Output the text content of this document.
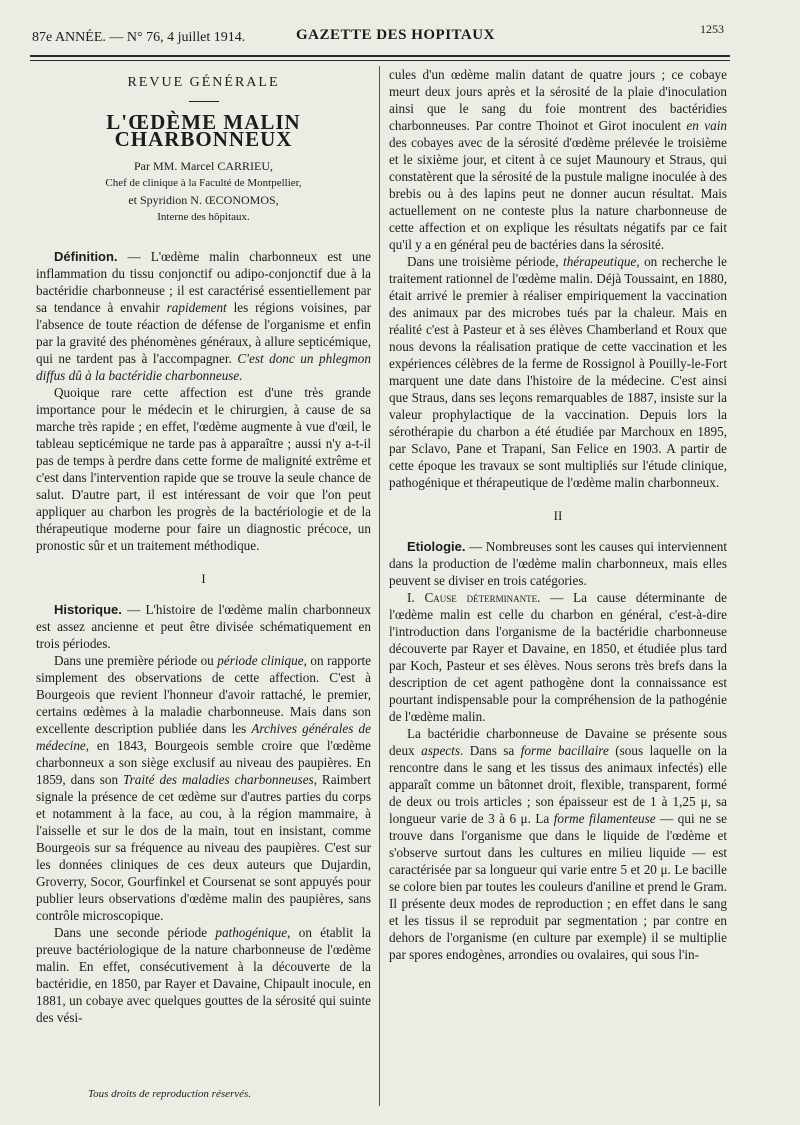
87e ANNÉE. — N° 76, 4 juillet 1914.	GAZETTE DES HOPITAUX	1253
REVUE GÉNÉRALE
L'ŒDÈME MALIN CHARBONNEUX
Par MM. Marcel CARRIEU,
Chef de clinique à la Faculté de Montpellier,
et Spyridion N. ŒCONOMOS,
Interne des hôpitaux.

Définition. — L'œdème malin charbonneux est une inflammation du tissu conjonctif ou adipo-conjonctif due à la bactéridie charbonneuse ; il est caractérisé essentiellement par sa tendance à envahir rapidement les régions voisines, par l'absence de toute réaction de défense de l'organisme et enfin par la gravité des phénomènes généraux, à allure septicémique, qui ne tardent pas à l'accompagner. C'est donc un phlegmon diffus dû à la bactéridie charbonneuse.

Quoique rare cette affection est d'une très grande importance pour le médecin et le chirurgien, à cause de sa marche très rapide ; en effet, l'œdème augmente à vue d'œil, le tableau septicémique ne tarde pas à apparaître ; aussi n'y a-t-il pas de temps à perdre dans cette forme de malignité extrême et c'est dans l'intervention rapide que se trouve la seule chance de salut. D'autre part, il est intéressant de voir que l'on peut appliquer au charbon les progrès de la bactériologie et de la thérapeutique moderne pour faire un diagnostic précoce, un pronostic sûr et un traitement méthodique.

I

Historique. — L'histoire de l'œdème malin charbonneux est assez ancienne et peut être divisée schématiquement en trois périodes.

Dans une première période ou période clinique, on rapporte simplement des observations de cette affection. C'est à Bourgeois que revient l'honneur d'avoir rattaché, le premier, certains œdèmes à la maladie charbonneuse. Mais dans son excellente description publiée dans les Archives générales de médecine, en 1843, Bourgeois semble croire que l'œdème charbonneux a son siège exclusif au niveau des paupières. En 1859, dans son Traité des maladies charbonneuses, Raimbert signale la présence de cet œdème sur d'autres parties du corps et notamment à la face, au cou, à la région mammaire, à l'aisselle et sur le dos de la main, tout en insistant, comme Bourgeois sur sa fréquence au niveau des paupières. C'est sur les données cliniques de ces deux auteurs que Dujardin, Groverry, Socor, Gourfinkel et Coursenat se sont appuyés pour publier leurs observations d'œdème malin des paupières, sans contrôle microscopique.

Dans une seconde période pathogénique, on établit la preuve bactériologique de la nature charbonneuse de l'œdème malin. En effet, consécutivement à la découverte de la bactéridie, en 1850, par Rayer et Davaine, Chipault inocule, en 1881, un cobaye avec quelques gouttes de la sérosité qui suinte des vési-

cules d'un œdème malin datant de quatre jours ; ce cobaye meurt deux jours après et la sérosité de la plaie d'inoculation ainsi que le sang du foie montrent des bactéridies charbonneuses. Par contre Thoinot et Girot inoculent en vain des cobayes avec de la sérosité d'œdème prélevée le troisième et le sixième jour, et citent à ce sujet Maunoury et Straus, qui constatèrent que la sérosité de la pustule maligne inoculée à des brebis ou à des lapins peut ne donner aucun résultat. Mais actuellement on ne conteste plus la nature charbonneuse de cette affection et on explique les résultats négatifs par ce fait qu'il y a en général peu de bactéries dans la sérosité.

Dans une troisième période, thérapeutique, on recherche le traitement rationnel de l'œdème malin. Déjà Toussaint, en 1880, était arrivé le premier à réaliser empiriquement la vaccination des animaux par des microbes tués par la chaleur. Mais en réalité c'est à Pasteur et à ses élèves Chamberland et Roux que nous devons la réalisation pratique de cette vaccination et les expériences célèbres de la ferme de Rossignol à Pouilly-le-Fort marquent une date dans l'histoire de la médecine. C'est ainsi que Straus, dans ses leçons remarquables de 1887, insiste sur la valeur prophylactique de la vaccination. Depuis lors la sérothérapie du charbon a été étudiée par Marchoux en 1895, par Sclavo, Pane et Trapani, San Felice en 1903. A partir de cette époque les travaux se sont multipliés sur l'étude clinique, pathogénique et thérapeutique de l'œdème malin charbonneux.

II

Etiologie. — Nombreuses sont les causes qui interviennent dans la production de l'œdème malin charbonneux, mais elles peuvent se diviser en trois catégories.

I. Cause déterminante. — La cause déterminante de l'œdème malin est celle du charbon en général, c'est-à-dire l'introduction dans l'organisme de la bactéridie charbonneuse découverte par Rayer et Davaine, en 1850, et étudiée plus tard par Koch, Pasteur et ses élèves. Nous serons très brefs dans la description de cet agent pathogène dont la connaissance est pourtant indispensable pour la compréhension de la pathogénie de l'œdème malin.

La bactéridie charbonneuse de Davaine se présente sous deux aspects. Dans sa forme bacillaire (sous laquelle on la rencontre dans le sang et les tissus des animaux infectés) elle apparaît comme un bâtonnet droit, flexible, transparent, formé de deux ou trois articles ; son épaisseur est de 1 à 1,25 μ, sa longueur varie de 3 à 6 μ. La forme filamenteuse — qui ne se trouve dans l'organisme que dans le liquide de l'œdème et s'observe surtout dans les cultures en milieu liquide — est caractérisée par sa longueur qui varie entre 5 et 20 μ. Le bacille se colore bien par toutes les couleurs d'aniline et prend le Gram. Il présente deux modes de reproduction ; en effet dans le sang et les tissus il se reproduit par segmentation ; par contre en dehors de l'organisme (en culture par exemple) il se multiplie par spores endogènes, arrondies ou ovalaires, qui sous l'in-

Tous droits de reproduction réservés.
